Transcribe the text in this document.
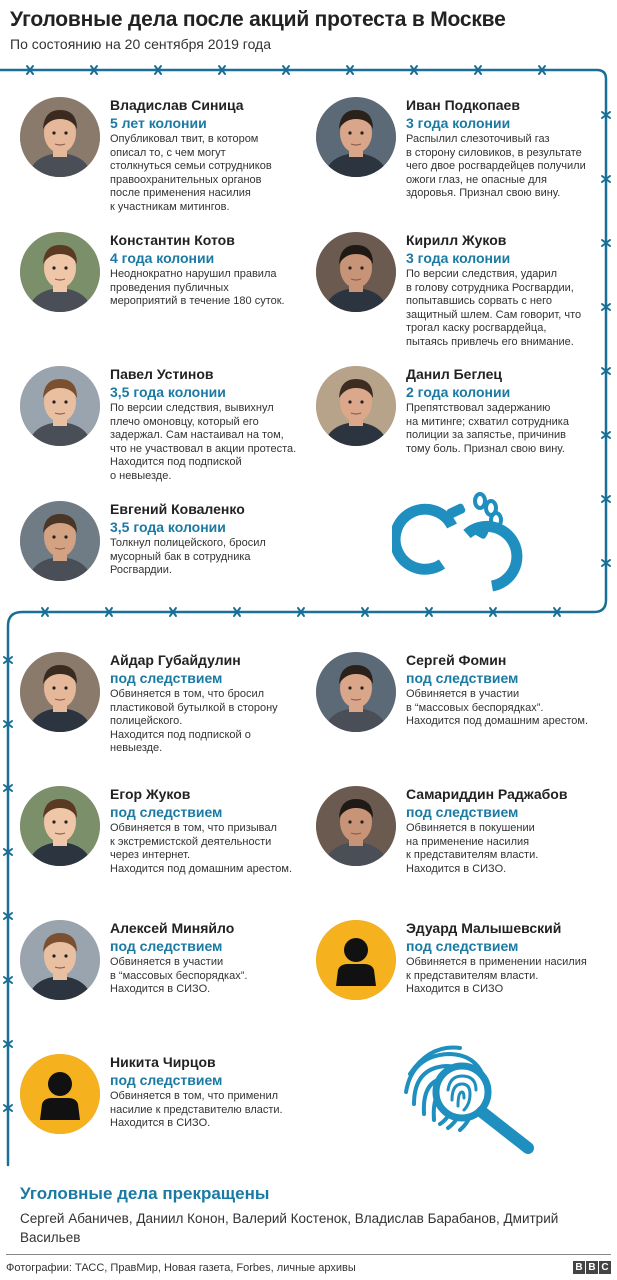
Уголовные дела после акций протеста в Москве
По состоянию на 20 сентября 2019 года
Владислав Синица
5 лет колонии
Опубликовал твит, в котором
описал то, с чем могут
столкнуться семьи сотрудников
правоохранительных органов
после применения насилия
к участникам митингов.
Иван Подкопаев
3 года колонии
Распылил слезоточивый газ
в сторону силовиков, в результате
чего двое росгвардейцев получили
ожоги глаз, не опасные для
здоровья. Признал свою вину.
Константин Котов
4 года колонии
Неоднократно нарушил правила
проведения публичных
мероприятий в течение 180 суток.
Кирилл Жуков
3 года колонии
По версии следствия, ударил
в голову сотрудника Росгвардии,
попытавшись сорвать с него
защитный шлем. Сам говорит, что
трогал каску росгвардейца,
пытаясь привлечь его внимание.
Павел Устинов
3,5 года колонии
По версии следствия, вывихнул
плечо омоновцу, который его
задержал. Сам настаивал на том,
что не участвовал в акции протеста.
Находится под подпиской
о невыезде.
Данил Беглец
2 года колонии
Препятствовал задержанию
на митинге; схватил сотрудника
полиции за запястье, причинив
тому боль. Признал свою вину.
Евгений Коваленко
3,5 года колонии
Толкнул полицейского, бросил
мусорный бак в сотрудника
Росгвардии.
Айдар Губайдулин
под следствием
Обвиняется в том, что бросил
пластиковой бутылкой в сторону
полицейского.
Находится под подпиской о
невыезде.
Сергей Фомин
под следствием
Обвиняется в участии
в “массовых беспорядках”.
Находится под домашним арестом.
Егор Жуков
под следствием
Обвиняется в том, что призывал
к экстремистской деятельности
через интернет.
Находится под домашним арестом.
Самариддин Раджабов
под следствием
Обвиняется в покушении
на применение насилия
к представителям власти.
Находится в СИЗО.
Алексей Миняйло
под следствием
Обвиняется в участии
в “массовых беспорядках”.
Находится в СИЗО.
Эдуард Малышевский
под следствием
Обвиняется в применении насилия
к представителям власти.
Находится в СИЗО
Никита Чирцов
под следствием
Обвиняется в том, что применил
насилие к представителю власти.
Находится в СИЗО.
Уголовные дела прекращены
Сергей Абаничев, Даниил Конон, Валерий Костенок, Владислав Барабанов, Дмитрий Васильев
Фотографии: ТАСС, ПравМир, Новая газета, Forbes, личные архивы	B B C
